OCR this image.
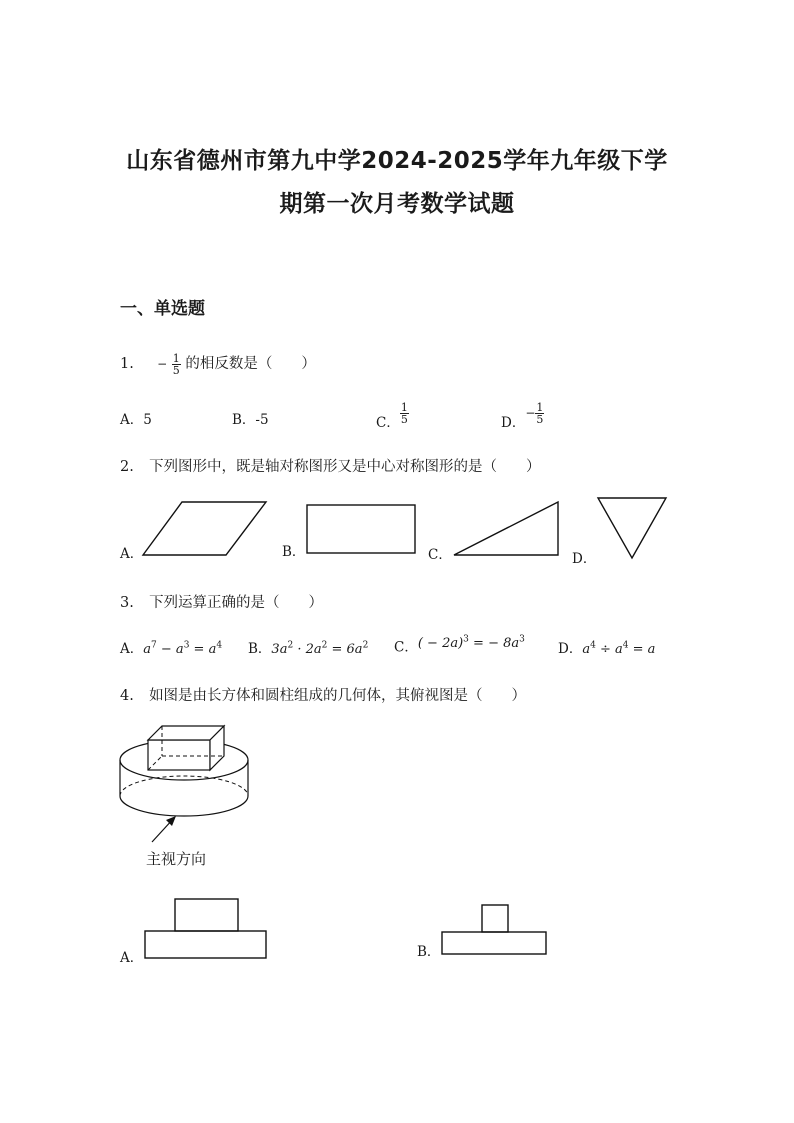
山东省德州市第九中学2024-2025学年九年级下学
期第一次月考数学试题
一、单选题
1. − $\frac{1}{5}$ 的相反数是（　　）
A．5	B．-5	C． $\frac{1}{5}$	D．− $\frac{1}{5}$
2. 下列图形中，既是轴对称图形又是中心对称图形的是（　　）
A．	B．	C．	D．
3. 下列运算正确的是（　　）
A．$a^7 - a^3 = a^4$ B．$3a^2 \cdot 2a^2 = 6a^2$ C．( − 2a)$^3$ = − $8a^3$
D．$a^4 \div a^4 = a$
4. 如图是由长方体和圆柱组成的几何体，其俯视图是（　　）
主视方向
A．	B．
